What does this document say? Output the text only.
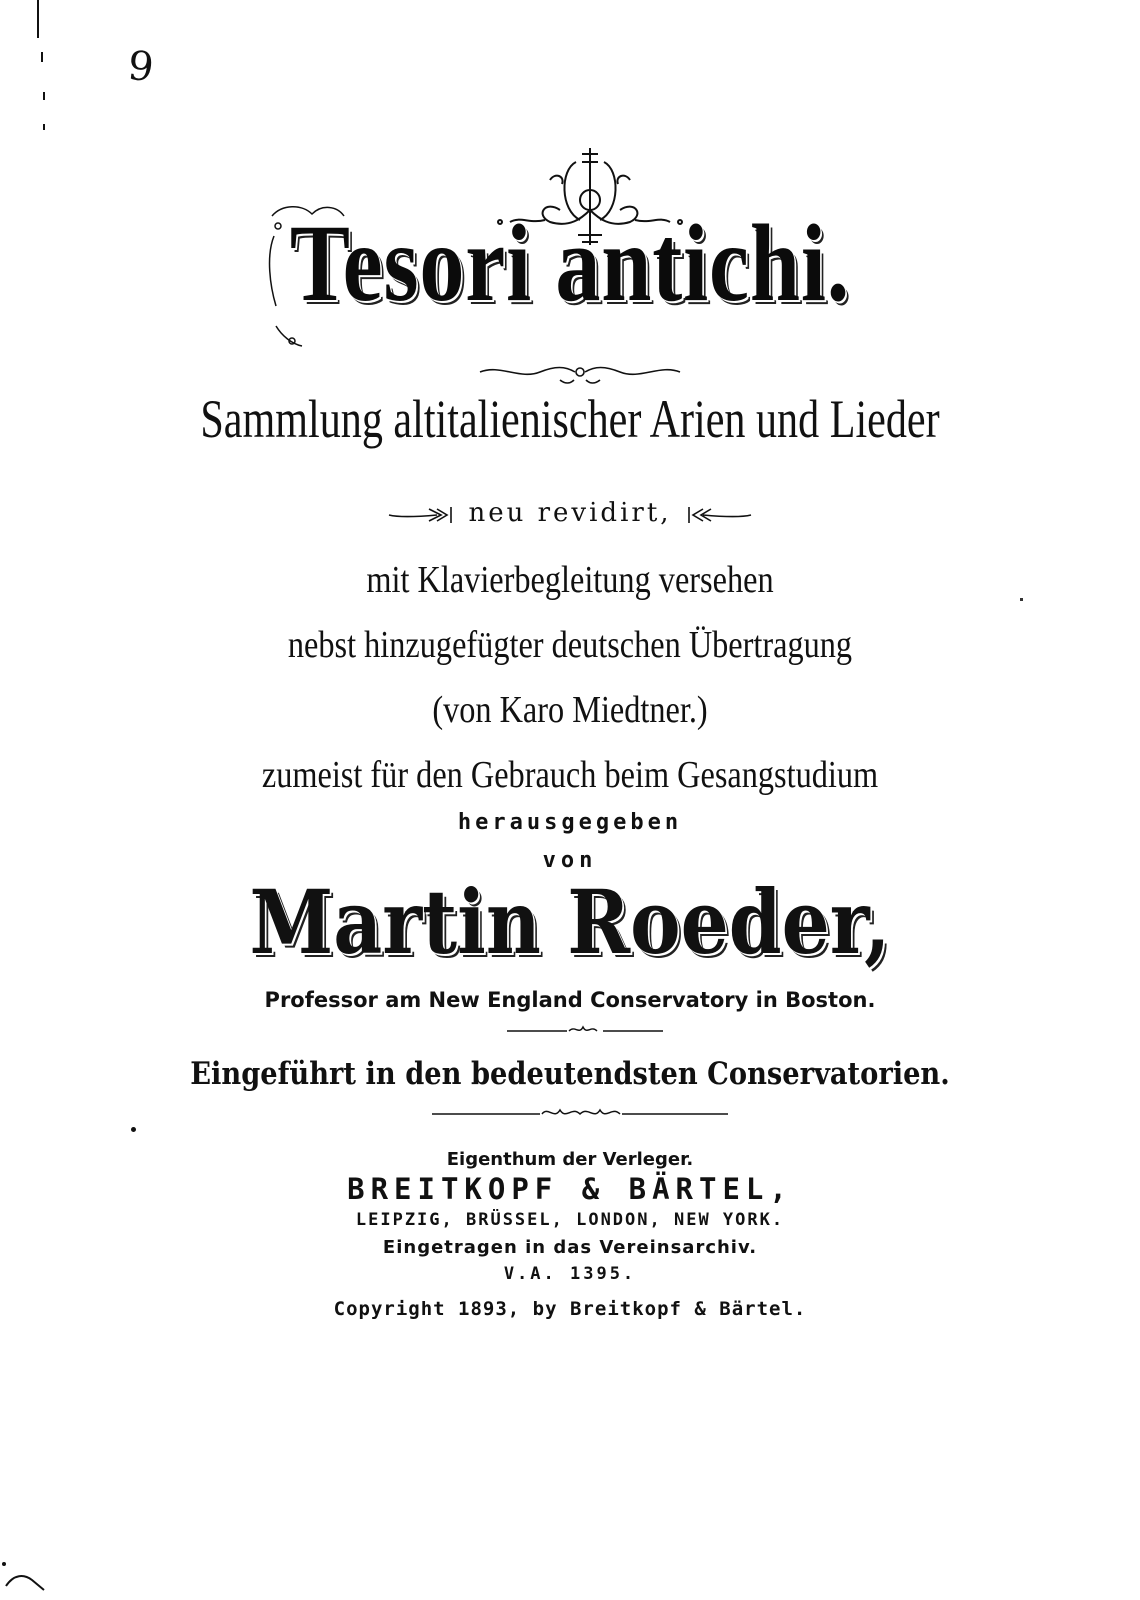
9
Tesori antichi.
Sammlung altitalienischer Arien und Lieder
neu revidirt,
mit Klavierbegleitung versehen
nebst hinzugefügter deutschen Übertragung
(von Karo Miedtner.)
zumeist für den Gebrauch beim Gesangstudium
herausgegeben
von
Martin Roeder,
Professor am New England Conservatory in Boston.
Eingeführt in den bedeutendsten Conservatorien.
Eigenthum der Verleger.
BREITKOPF & BÄRTEL,
LEIPZIG, BRÜSSEL, LONDON, NEW YORK.
Eingetragen in das Vereinsarchiv.
V.A. 1395.
Copyright 1893, by Breitkopf & Bärtel.
